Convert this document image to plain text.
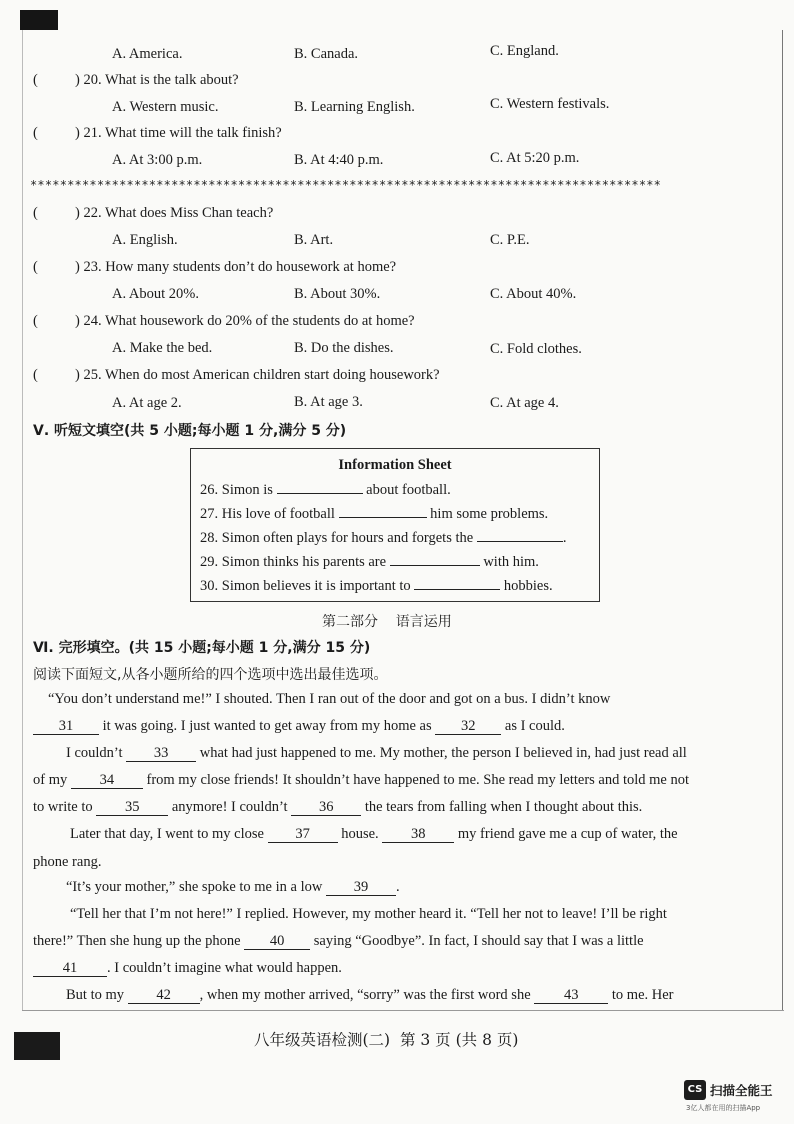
A. America.	B. Canada.	C. England.
(	) 20. What is the talk about?
A. Western music.	B. Learning English.	C. Western festivals.
(	) 21. What time will the talk finish?
A. At 3:00 p.m.	B. At 4:40 p.m.	C. At 5:20 p.m.
*************************************************************************************
(	) 22. What does Miss Chan teach?
A. English.	B. Art.	C. P.E.
(	) 23. How many students don’t do housework at home?
A. About 20%.	B. About 30%.	C. About 40%.
(	) 24. What housework do 20% of the students do at home?
A. Make the bed.	B. Do the dishes.	C. Fold clothes.
(	) 25. When do most American children start doing housework?
A. At age 2.	B. At age 3.	C. At age 4.
Ⅴ. 听短文填空(共 5 小题;每小题 1 分,满分 5 分)
Information Sheet
26. Simon is	about football.
27. His love of football	him some problems.
28. Simon often plays for hours and forgets the	.
29. Simon thinks his parents are	with him.
30. Simon believes it is important to	hobbies.
第二部分    语言运用
Ⅵ. 完形填空。(共 15 小题;每小题 1 分,满分 15 分)
阅读下面短文,从各小题所给的四个选项中选出最佳选项。
“You don’t understand me!” I shouted. Then I ran out of the door and got on a bus. I didn’t know
31 it was going. I just wanted to get away from my home as 32 as I could.
I couldn’t 33 what had just happened to me. My mother, the person I believed in, had just read all
of my 34 from my close friends! It shouldn’t have happened to me. She read my letters and told me not
to write to 35 anymore! I couldn’t 36 the tears from falling when I thought about this.
Later that day, I went to my close 37 house. 38 my friend gave me a cup of water, the
phone rang.
“It’s your mother,” she spoke to me in a low 39 .
“Tell her that I’m not here!” I replied. However, my mother heard it. “Tell her not to leave! I’ll be right
there!” Then she hung up the phone 40 saying “Goodbye”. In fact, I should say that I was a little
41 . I couldn’t imagine what would happen.
But to my 42 , when my mother arrived, “sorry” was the first word she 43 to me. Her
八年级英语检测(二)  第 3 页 (共 8 页)
CS 扫描全能王
3亿人都在用的扫描App
